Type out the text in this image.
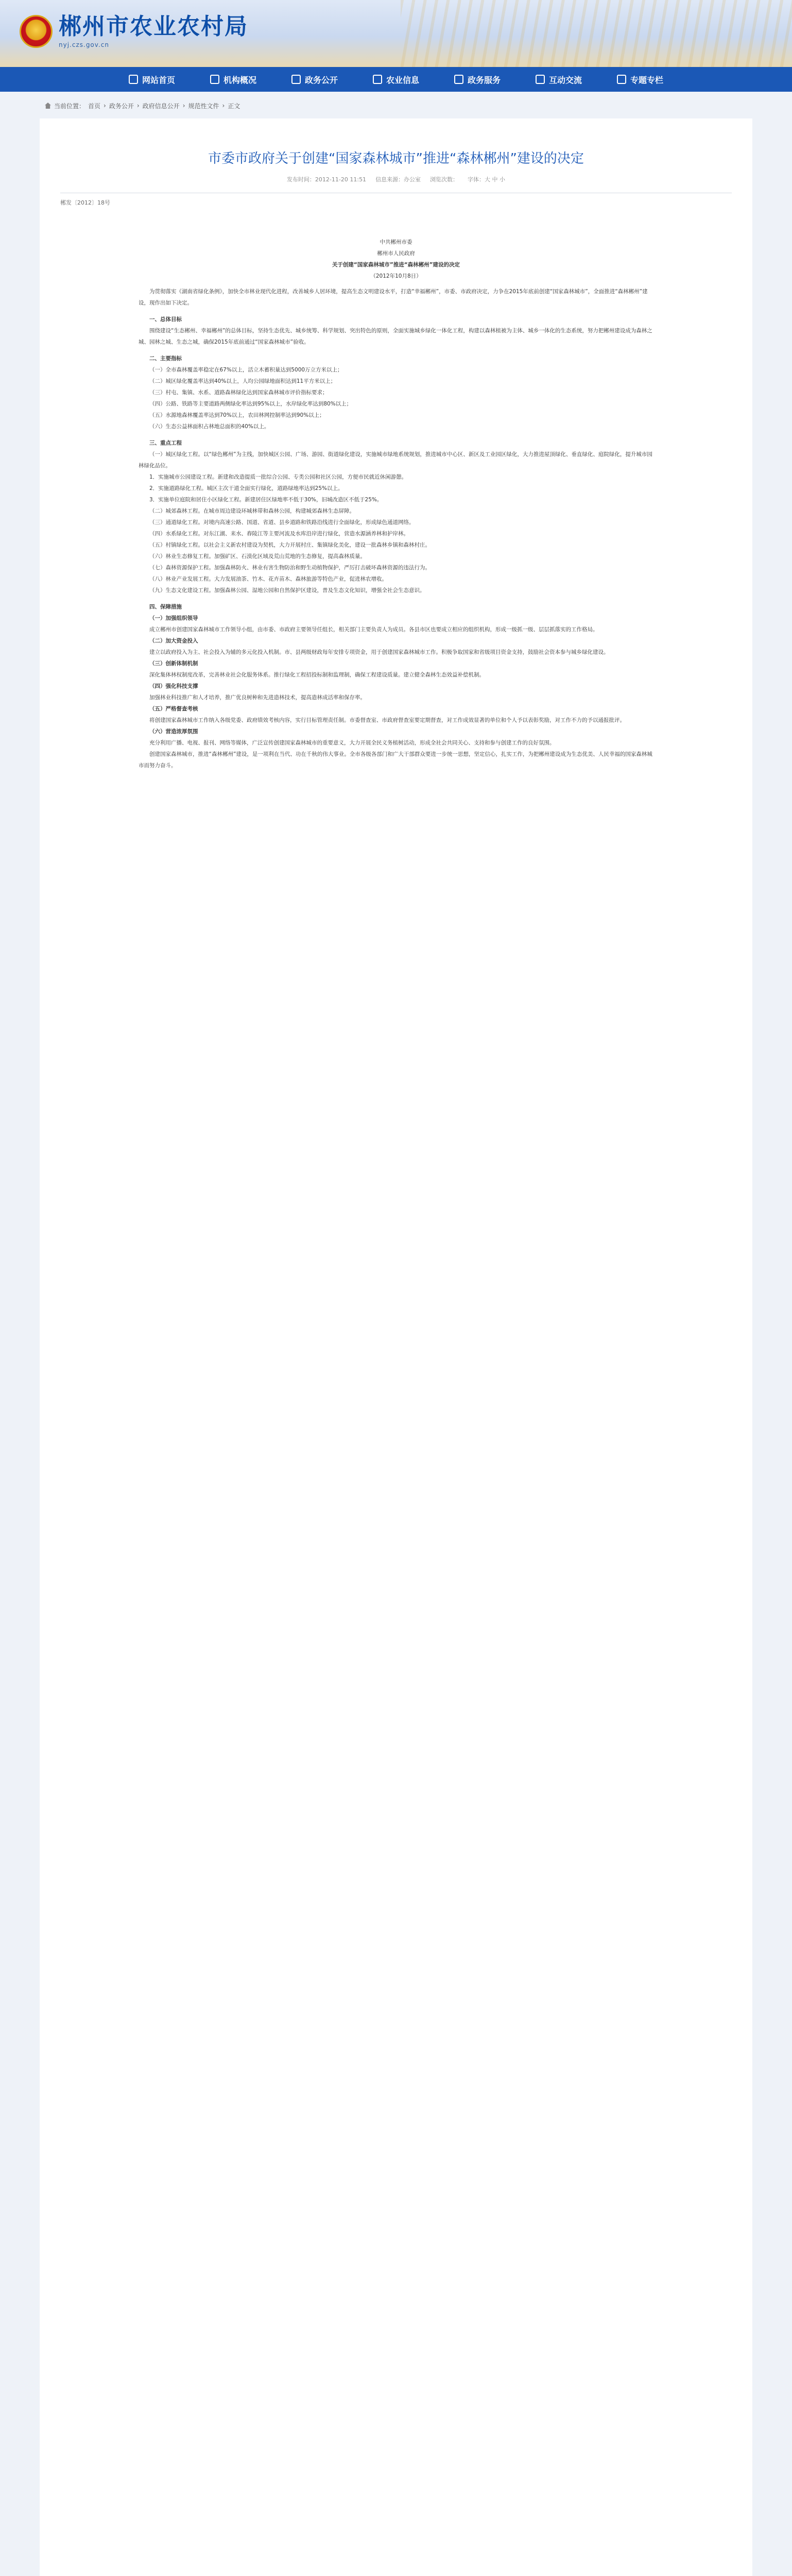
郴州市农业农村局
nyj.czs.gov.cn
网站首页	机构概况	政务公开	农业信息	政务服务	互动交流	专题专栏
当前位置： 首页 › 政务公开 › 政府信息公开 › 规范性文件 › 正文
市委市政府关于创建“国家森林城市”推进“森林郴州”建设的决定
发布时间：2012-11-20 11:51 信息来源：办公室 浏览次数： 字体：大 中 小
郴发〔2012〕18号

中共郴州市委

郴州市人民政府

关于创建“国家森林城市”推进“森林郴州”建设的决定

（2012年10月8日）

为贯彻落实《湖南省绿化条例》，加快全市林业现代化进程，改善城乡人居环境，提高生态文明建设水平，打造“幸福郴州”，市委、市政府决定，力争在2015年底前创建“国家森林城市”，全面推进“森林郴州”建设，现作出如下决定。

一、总体目标

围绕建设“生态郴州、幸福郴州”的总体目标，坚持生态优先、城乡统筹、科学规划、突出特色的原则，全面实施城乡绿化一体化工程，构建以森林植被为主体、城乡一体化的生态系统，努力把郴州建设成为森林之城、园林之城、生态之城，确保2015年底前通过“国家森林城市”验收。

二、主要指标

（一）全市森林覆盖率稳定在67%以上，活立木蓄积量达到5000万立方米以上；

（二）城区绿化覆盖率达到40%以上，人均公园绿地面积达到11平方米以上；

（三）村屯、集镇、水系、道路森林绿化达到国家森林城市评价指标要求；

（四）公路、铁路等主要道路两侧绿化率达到95%以上，水岸绿化率达到80%以上；

（五）水源地森林覆盖率达到70%以上，农田林网控制率达到90%以上；

（六）生态公益林面积占林地总面积的40%以上。

三、重点工程

（一）城区绿化工程。以“绿色郴州”为主线，加快城区公园、广场、游园、街道绿化建设，实施城市绿地系统规划，推进城市中心区、新区及工业园区绿化，大力推进屋顶绿化、垂直绿化、庭院绿化，提升城市园林绿化品位。

1．实施城市公园建设工程。新建和改造提质一批综合公园、专类公园和社区公园，方便市民就近休闲游憩。

2．实施道路绿化工程。城区主次干道全面实行绿化，道路绿地率达到25%以上。

3．实施单位庭院和居住小区绿化工程。新建居住区绿地率不低于30%，旧城改造区不低于25%。

（二）城郊森林工程。在城市周边建设环城林带和森林公园，构建城郊森林生态屏障。

（三）通道绿化工程。对境内高速公路、国道、省道、县乡道路和铁路沿线进行全面绿化，形成绿色通道网络。

（四）水系绿化工程。对东江湖、耒水、舂陵江等主要河流及水库沿岸进行绿化，营造水源涵养林和护岸林。

（五）村镇绿化工程。以社会主义新农村建设为契机，大力开展村庄、集镇绿化美化，建设一批森林乡镇和森林村庄。

（六）林业生态修复工程。加强矿区、石漠化区域及荒山荒地的生态修复，提高森林质量。

（七）森林资源保护工程。加强森林防火、林业有害生物防治和野生动植物保护，严厉打击破坏森林资源的违法行为。

（八）林业产业发展工程。大力发展油茶、竹木、花卉苗木、森林旅游等特色产业，促进林农增收。

（九）生态文化建设工程。加强森林公园、湿地公园和自然保护区建设，普及生态文化知识，增强全社会生态意识。

四、保障措施

（一）加强组织领导

成立郴州市创建国家森林城市工作领导小组，由市委、市政府主要领导任组长，相关部门主要负责人为成员。各县市区也要成立相应的组织机构，形成一级抓一级、层层抓落实的工作格局。

（二）加大资金投入

建立以政府投入为主、社会投入为辅的多元化投入机制。市、县两级财政每年安排专项资金，用于创建国家森林城市工作。积极争取国家和省级项目资金支持，鼓励社会资本参与城乡绿化建设。

（三）创新体制机制

深化集体林权制度改革，完善林业社会化服务体系。推行绿化工程招投标制和监理制，确保工程建设质量。建立健全森林生态效益补偿机制。

（四）强化科技支撑

加强林业科技推广和人才培养，推广优良树种和先进造林技术，提高造林成活率和保存率。

（五）严格督查考核

将创建国家森林城市工作纳入各级党委、政府绩效考核内容，实行目标管理责任制。市委督查室、市政府督查室要定期督查，对工作成效显著的单位和个人予以表彰奖励，对工作不力的予以通报批评。

（六）营造浓厚氛围

充分利用广播、电视、报刊、网络等媒体，广泛宣传创建国家森林城市的重要意义，大力开展全民义务植树活动，形成全社会共同关心、支持和参与创建工作的良好氛围。

创建国家森林城市，推进“森林郴州”建设，是一项利在当代、功在千秋的伟大事业。全市各级各部门和广大干部群众要进一步统一思想，坚定信心，扎实工作，为把郴州建设成为生态优美、人民幸福的国家森林城市而努力奋斗。
